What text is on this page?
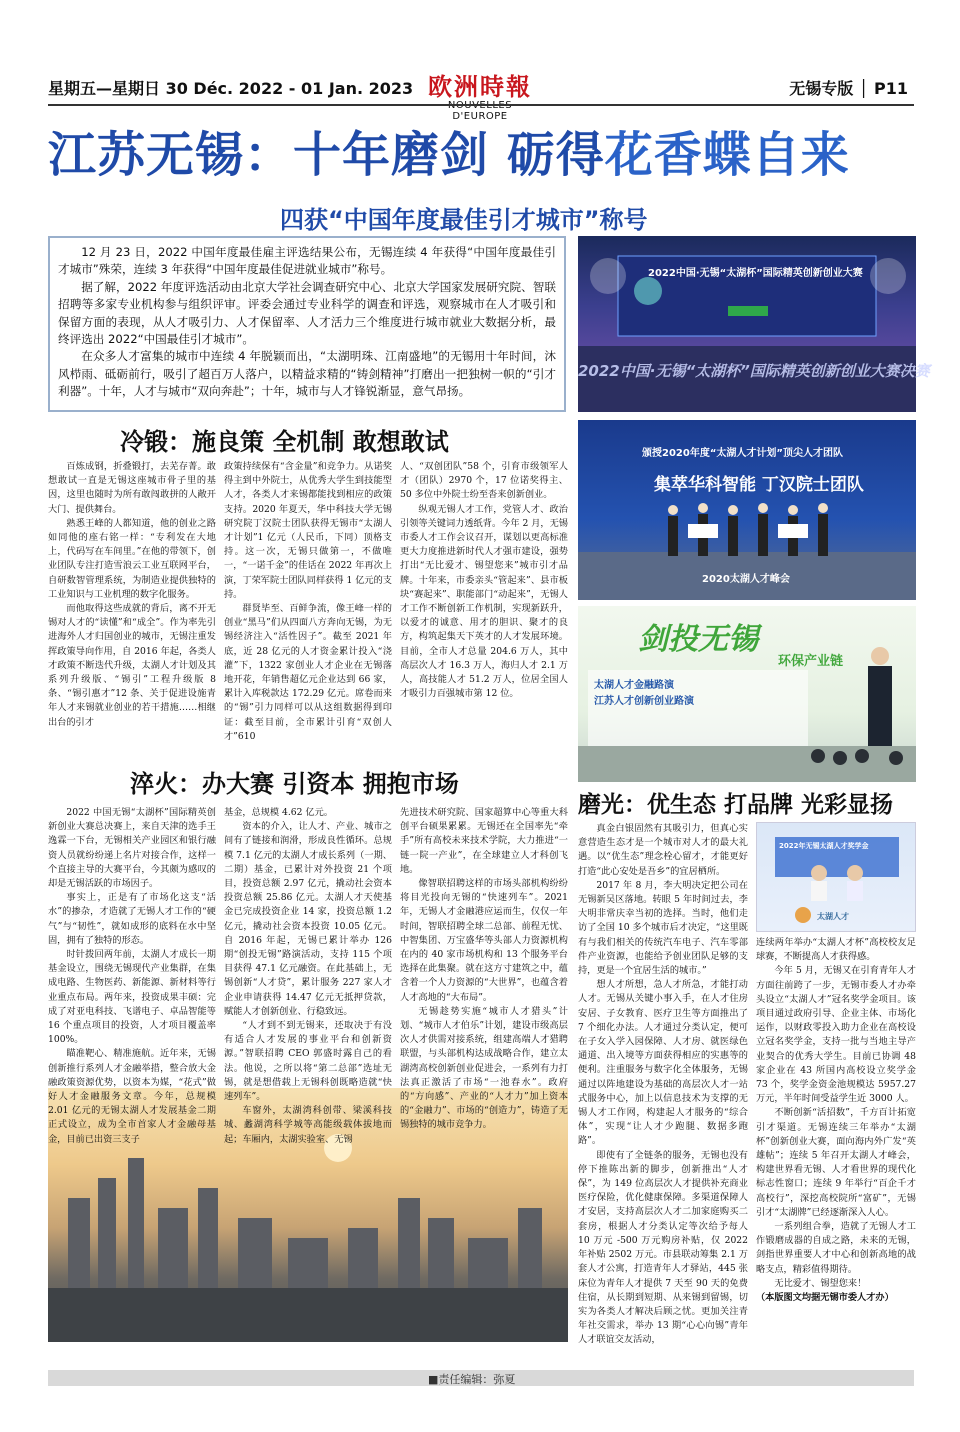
星期五—星期日 30 Déc. 2022 - 01 Jan. 2023 欧洲時報
D'EUROPE
无锡专版 │ P11
江苏无锡：十年磨剑 砺得花香蝶自来
四获“中国年度最佳引才城市”称号

12 月 23 日，2022 中国年度最佳雇主评选结果公布，无锡连续 4 年获得“中国年度最佳引才城市”殊荣，连续 3 年获得“中国年度最佳促进就业城市”称号。

据了解，2022 年度评选活动由北京大学社会调查研究中心、北京大学国家发展研究院、智联招聘等多家专业机构参与组织评审。评委会通过专业科学的调查和评选，观察城市在人才吸引和保留方面的表现，从人才吸引力、人才保留率、人才活力三个维度进行城市就业大数据分析，最终评选出 2022“中国最佳引才城市”。

在众多人才富集的城市中连续 4 年脱颖而出，“太湖明珠、江南盛地”的无锡用十年时间，沐风栉雨、砥砺前行，吸引了超百万人落户，以精益求精的“铸剑精神”打磨出一把独树一帜的“引才利器”。十年，人才与城市“双向奔赴”；十年，城市与人才锋锐渐显，意气昂扬。

2022中国·无锡“太湖杯”国际精英创新创业大赛
2022中国·无锡“太湖杯”国际精英创新创业大赛决赛
颁授2020年度“太湖人才计划”顶尖人才团队
集萃华科智能 丁汉院士团队
2020太湖人才峰会
剑投无锡
环保产业链
太湖人才金融路演
江苏人才创新创业路演
2022年无锡太湖人才奖学金
太湖人才
冷锻：施良策 全机制 敢想敢试

百炼成钢，折叠锻打，去芜存菁。敢想敢试一直是无锡这座城市骨子里的基因，这里也随时为所有敢闯敢拼的人敞开大门、提供舞台。

熟悉王峰的人都知道，他的创业之路如同他的座右铭一样：“专利发在大地上，代码写在车间里。”在他的带领下，创业团队专注打造雪浪云工业互联网平台，自研数智管理系统，为制造业提供独特的工业知识与工业机理的数字化服务。

而他取得这些成就的背后，离不开无锡对人才的“读懂”和“成全”。作为率先引进海外人才归国创业的城市，无锡注重发挥政策导向作用，自 2016 年起，各类人才政策不断迭代升级，太湖人才计划及其系列升级版、“锡引”工程升级版 8 条、“锡引惠才”12 条、关于促进设施青年人才来锡就业创业的若干措施……相继出台的引才

政策持续保有“含金量”和竞争力。从诺奖得主到中外院士，从优秀大学生到技能型人才，各类人才来锡都能找到相应的政策支持。2020 年夏天，华中科技大学无锡研究院丁汉院士团队获得无锡市“太湖人才计划”1 亿元（人民币，下同）顶格支持。这一次，无锡只做第一，不做唯一，“一诺千金”的佳话在 2022 年再次上演，丁荣军院士团队同样获得 1 亿元的支持。

群贤毕至、百鲜争流，像王峰一样的创业“黑马”们从四面八方奔向无锡，为无锡经济注入“活性因子”。截至 2021 年底，近 28 亿元的人才资金累计投入“浇灌”下，1322 家创业人才企业在无锡落地开花，年销售超亿元企业达到 66 家，累计入库税款达 172.29 亿元。席卷而来的“锡”引力同样可以从这组数据得到印证：截至目前，全市累计引育“双创人才”610

人、“双创团队”58 个，引育市级领军人才（团队）2970 个，17 位诺奖得主、50 多位中外院士纷至沓来创新创业。

纵观无锡人才工作，党管人才、政治引领等关键词力透纸背。今年 2 月，无锡市委人才工作会议召开，谋划以更高标准更大力度推进新时代人才强市建设，强势打出“无比爱才、锡望您来”城市引才品牌。十年来，市委亲头“管起来”、县市板块“赛起来”、职能部门“动起来”，无锡人才工作不断创新工作机制，实现新跃升，以爱才的诚意、用才的胆识、聚才的良方，构筑起集天下英才的人才发展环境。目前，全市人才总量 204.6 万人，其中高层次人才 16.3 万人，海归人才 2.1 万人，高技能人才 51.2 万人，位居全国人才吸引力百强城市第 12 位。

淬火：办大赛 引资本 拥抱市场

2022 中国无锡“太湖杯”国际精英创新创业大赛总决赛上，来自天津的选手王逸霖一下台，无锡相关产业园区和银行融资人员就纷纷递上名片对接合作，这样一个直接主导的大赛平台，今其颇为感叹的却是无锡活跃的市场因子。

事实上，正是有了市场化这支“活水”的掺杂，才造就了无锡人才工作的“硬气”与“韧性”，就如成形的底料在水中坚固，拥有了独特的形态。

时针拨回两年前，太湖人才成长一期基金设立，围绕无锡现代产业集群，在集成电路、生物医药、新能源、新材料等行业重点布局。两年来，投资成果丰硕：完成了对亚电科技、飞谱电子、卓品智能等 16 个重点项目的投资，人才项目覆盖率 100%。

瞄准靶心、精准施航。近年来，无锡创新推行系列人才金融举措，整合放大金融政策资源优势，以资本为媒，“花式”做好人才金融服务文章。今年，总规模 2.01 亿元的无锡太湖人才发展基金二期正式设立，成为全市首家人才金融母基金，目前已出资三支子

基金，总规模 4.62 亿元。

资本的介入，让人才、产业、城市之间有了链接和润滑，形成良性循环。总规模 7.1 亿元的太湖人才成长系列（一期、二期）基金，已累计对外投资 21 个项目，投资总额 2.97 亿元，撬动社会资本投资总额 25.86 亿元。太湖人才天使基金已完成投资企业 14 家，投资总额 1.2 亿元，撬动社会资本投资 10.05 亿元。自 2016 年起，无锡已累计举办 126 期“创投无锡”路演活动，支持 115 个项目获得 47.1 亿元融资。在此基础上，无锡创新“人才贷”，累计服务 227 家人才企业申请获得 14.47 亿元无抵押贷款，赋能人才创新创业、行稳致远。

“人才到不到无锡来，还取决于有没有适合人才发展的事业平台和创新资源。”智联招聘 CEO 郭盛时露自己的看法。他说，之所以将“第二总部”选址无锡，就是想借载上无锡科创既略造就“快速列车”。

车窗外，太湖湾科创带、梁溪科技城、蠡湖湾科学城等高能级载体拔地而起；车厢内，太湖实验室、无锡

先进技术研究院、国家超算中心等重大科创平台硕果累累。无锡还在全国率先“牵手”所有高校未来技术学院，大力推进“一链一院一产业”，在全球建立人才科创飞地。

像智联招聘这样的市场头部机构纷纷将目光投向无锡的“快速列车”。2021 年，无锡人才金融港应运而生，仅仅一年时间，智联招聘全球二总部、前程无忧、中智集团、万宝盛华等头部人力资源机构在内的 40 家市场机构和 13 个服务平台选择在此集聚。就在这方寸建筑之中，蕴含着一个人力资源的“大世界”，也蕴含着人才高地的“大布局”。

无锡趁势实施“城市人才猎头”计划、“城市人才伯乐”计划，建设市级高层次人才供需对接系统，组建高端人才猎聘联盟，与头部机构达成战略合作，建立太湖湾高校创新创业促进会，一系列有力打法真正激活了市场“一池春水”。政府的“方向感”、产业的“人才力”加上资本的“金融力”、市场的“创造力”，铸造了无锡独特的城市竞争力。

磨光：优生态 打品牌 光彩显扬

真金白银固然有其吸引力，但真心实意营造生态才是一个城市对人才的最大礼遇。以“优生态”理念栓心留才，才能更好打造“此心安处是吾乡”的宜居栖所。

2017 年 8 月，李大明决定把公司在无锡新吴区落地。转眼 5 年时间过去，李大明非常庆幸当初的选择。当时，他们走访了全国 10 多个城市后才决定，“这里既有与我们相关的传统汽车电子、汽车零部件产业资源，也能给予创业团队足够的支持，更是一个宜居生活的城市。”

想人才所想，急人才所急，才能打动人才。无锡从关键小事入手，在人才住房安居、子女教育、医疗卫生等方面推出了 7 个细化办法。人才通过分类认定，便可在子女入学入园保障、人才房、就医绿色通道、出入境等方面获得相应的实惠等的便利。注重服务与数字化全体服务，无锡通过以阵地建设为基础的高层次人才一站式服务中心，加上以信息技术为支撑的无锡人才工作网，构建起人才服务的“综合体”，实现“让人才少跑腿、数据多跑路”。

即使有了全链条的服务，无锡也没有停下推陈出新的脚步，创新推出“人才保”，为 149 位高层次人才提供补充商业医疗保险，优化健康保障。多渠道保障人才安居，支持高层次人才二加家庭购买二套房，根据人才分类认定等次给予每人 10 万元 -500 万元购房补贴，仅 2022 年补贴 2502 万元。市县联动筹集 2.1 万套人才公寓，打造青年人才驿站，445 张床位为青年人才提供 7 天至 90 天的免费住宿，从长期到短期、从来锡到留锡，切实为各类人才解决后顾之忧。更加关注青年社交需求，举办 13 期“心心向锡”青年人才联谊交友活动，

连续两年举办“太湖人才杯”高校校友足球赛，不断提高人才获得感。

今年 5 月，无锡又在引育青年人才方面往前跨了一步，无锡市委人才办牵头设立“太湖人才”冠名奖学金项目。该项目通过政府引导、企业主体、市场化运作，以财政零投入助力企业在高校设立冠名奖学金，支持一批与当地主导产业契合的优秀大学生。目前已协调 48 家企业在 43 所国内高校设立奖学金 73 个，奖学金资金池规模达 5957.27 万元，半年时间受益学生近 3000 人。

不断创新“活招数”，千方百计拓宽引才渠道。无锡连续三年举办“太湖杯”创新创业大赛，面向海内外广发“英雄帖”；连续 5 年召开太湖人才峰会，构建世界看无锡、人才看世界的现代化标志性窗口；连续 9 年举行“百企千才高校行”，深挖高校院所“富矿”，无锡引才“太湖牌”已经逐渐深入人心。

一系列组合拳，造就了无锡人才工作锻磨成器的自成之路，未来的无锡，剑指世界重要人才中心和创新高地的战略支点，精彩值得期待。

无比爱才、锡望您来！

（本版图文均据无锡市委人才办）

■责任编辑：弥夏
